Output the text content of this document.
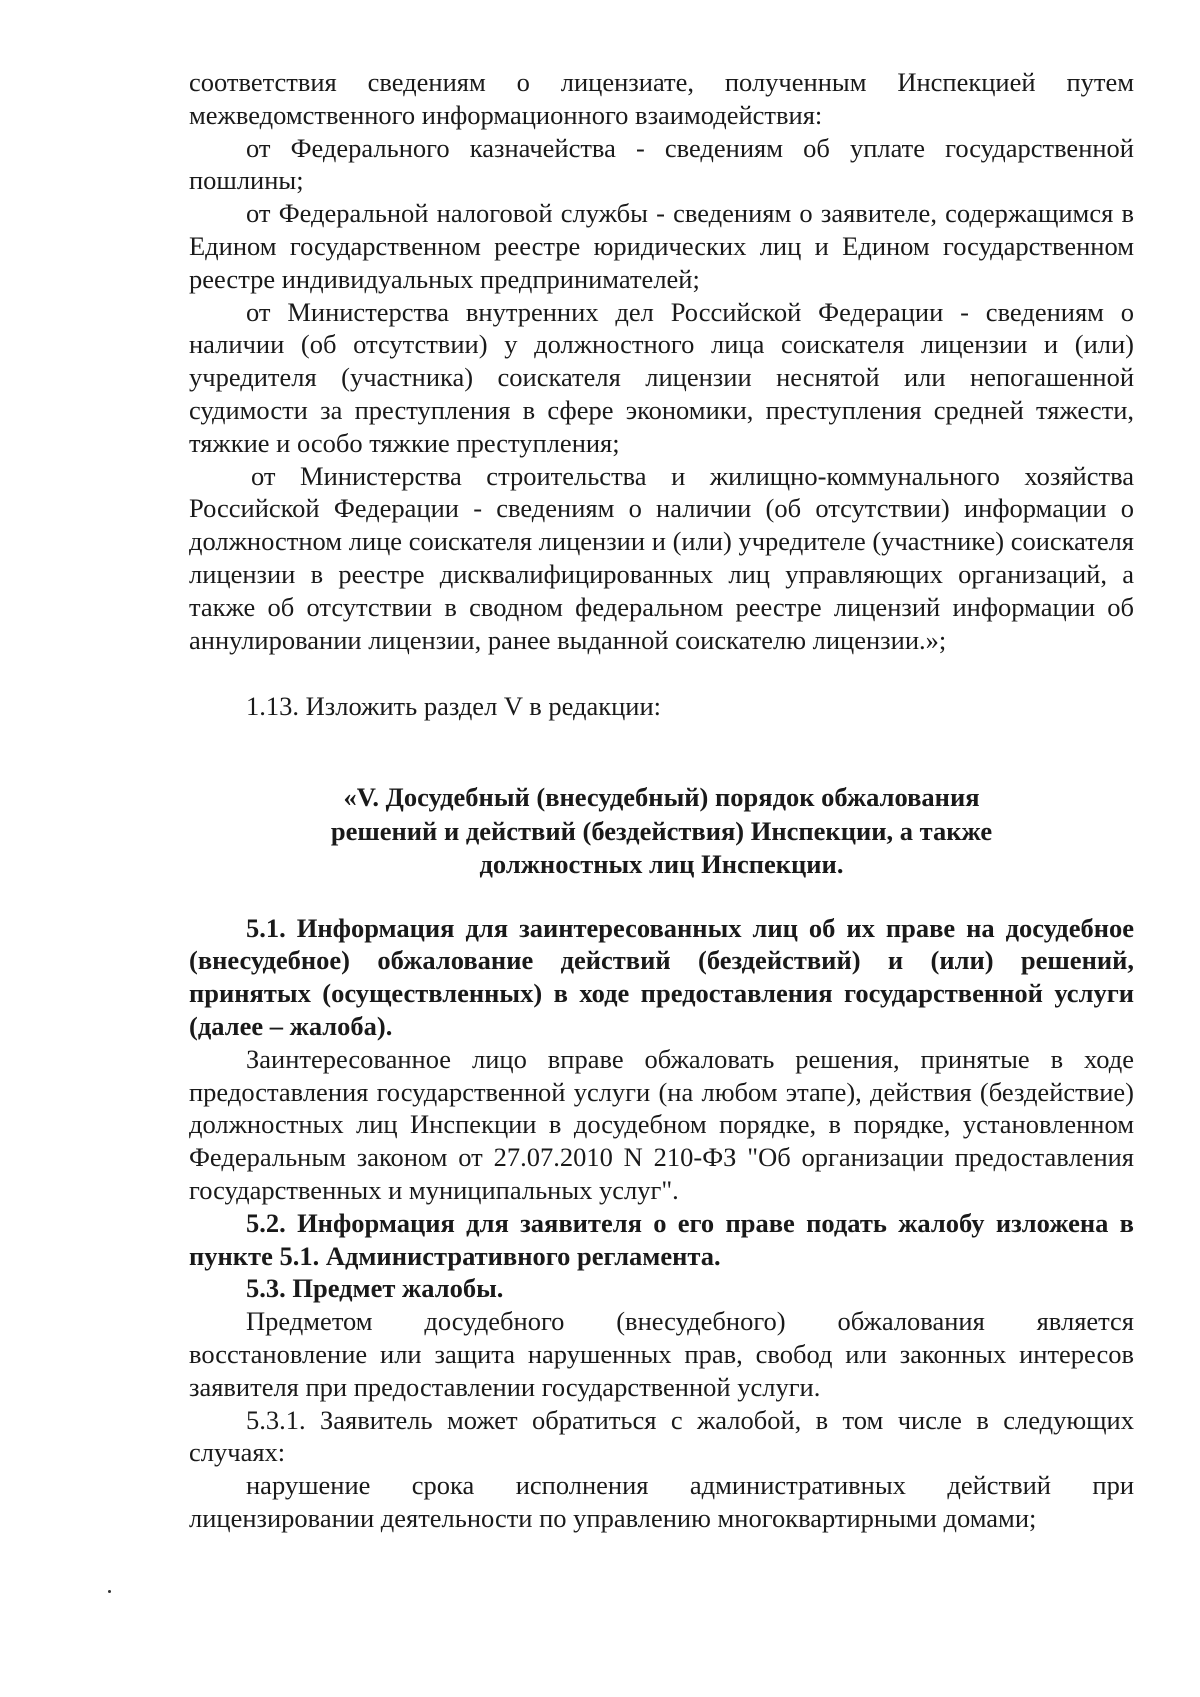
соответствия сведениям о лицензиате, полученным Инспекцией путем межведомственного информационного взаимодействия:

от Федерального казначейства - сведениям об уплате государственной пошлины;

от Федеральной налоговой службы - сведениям о заявителе, содержащимся в Едином государственном реестре юридических лиц и Едином государственном реестре индивидуальных предпринимателей;

от Министерства внутренних дел Российской Федерации - сведениям о наличии (об отсутствии) у должностного лица соискателя лицензии и (или) учредителя (участника) соискателя лицензии неснятой или непогашенной судимости за преступления в сфере экономики, преступления средней тяжести, тяжкие и особо тяжкие преступления;

от Министерства строительства и жилищно-коммунального хозяйства Российской Федерации - сведениям о наличии (об отсутствии) информации о должностном лице соискателя лицензии и (или) учредителе (участнике) соискателя лицензии в реестре дисквалифицированных лиц управляющих организаций, а также об отсутствии в сводном федеральном реестре лицензий информации об аннулировании лицензии, ранее выданной соискателю лицензии.»;

1.13. Изложить раздел V в редакции:

«V. Досудебный (внесудебный) порядок обжалования
решений и действий (бездействия) Инспекции, а также
должностных лиц Инспекции.

5.1. Информация для заинтересованных лиц об их праве на досудебное (внесудебное) обжалование действий (бездействий) и (или) решений, принятых (осуществленных) в ходе предоставления государственной услуги (далее – жалоба).

Заинтересованное лицо вправе обжаловать решения, принятые в ходе предоставления государственной услуги (на любом этапе), действия (бездействие) должностных лиц Инспекции в досудебном порядке, в порядке, установленном Федеральным законом от 27.07.2010 N 210-ФЗ "Об организации предоставления государственных и муниципальных услуг".

5.2. Информация для заявителя о его праве подать жалобу изложена в пункте 5.1. Административного регламента.

5.3. Предмет жалобы.

Предметом досудебного (внесудебного) обжалования является восстановление или защита нарушенных прав, свобод или законных интересов заявителя при предоставлении государственной услуги.

5.3.1. Заявитель может обратиться с жалобой, в том числе в следующих случаях:

нарушение срока исполнения административных действий при лицензировании деятельности по управлению многоквартирными домами;
